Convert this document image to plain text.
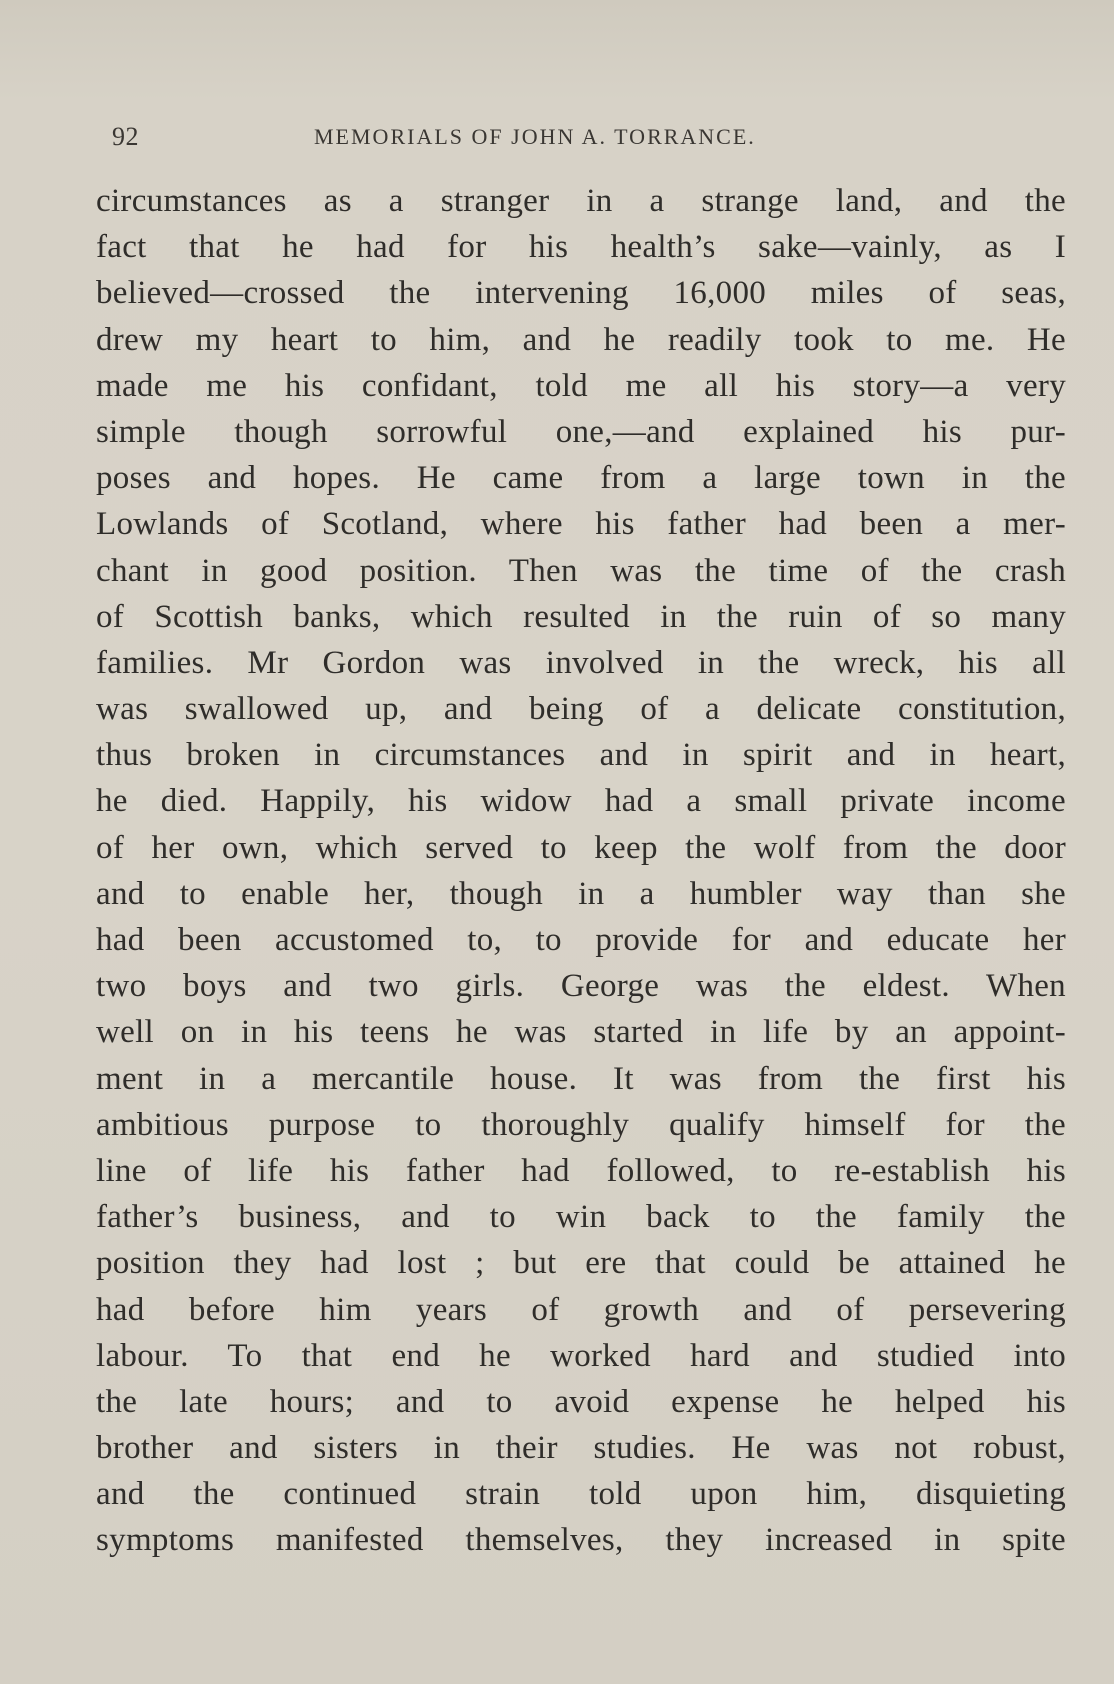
92	MEMORIALS OF JOHN A. TORRANCE.
circumstances as a stranger in a strange land, and the
fact that he had for his health’s sake—vainly, as I
believed—crossed the intervening 16,000 miles of seas,
drew my heart to him, and he readily took to me. He
made me his confidant, told me all his story—a very
simple though sorrowful one,—and explained his pur-
poses and hopes. He came from a large town in the
Lowlands of Scotland, where his father had been a mer-
chant in good position. Then was the time of the crash
of Scottish banks, which resulted in the ruin of so many
families. Mr Gordon was involved in the wreck, his all
was swallowed up, and being of a delicate constitution,
thus broken in circumstances and in spirit and in heart,
he died. Happily, his widow had a small private income
of her own, which served to keep the wolf from the door
and to enable her, though in a humbler way than she
had been accustomed to, to provide for and educate her
two boys and two girls. George was the eldest. When
well on in his teens he was started in life by an appoint-
ment in a mercantile house. It was from the first his
ambitious purpose to thoroughly qualify himself for the
line of life his father had followed, to re-establish his
father’s business, and to win back to the family the
position they had lost ; but ere that could be attained he
had before him years of growth and of persevering
labour. To that end he worked hard and studied into
the late hours; and to avoid expense he helped his
brother and sisters in their studies. He was not robust,
and the continued strain told upon him, disquieting
symptoms manifested themselves, they increased in spite
